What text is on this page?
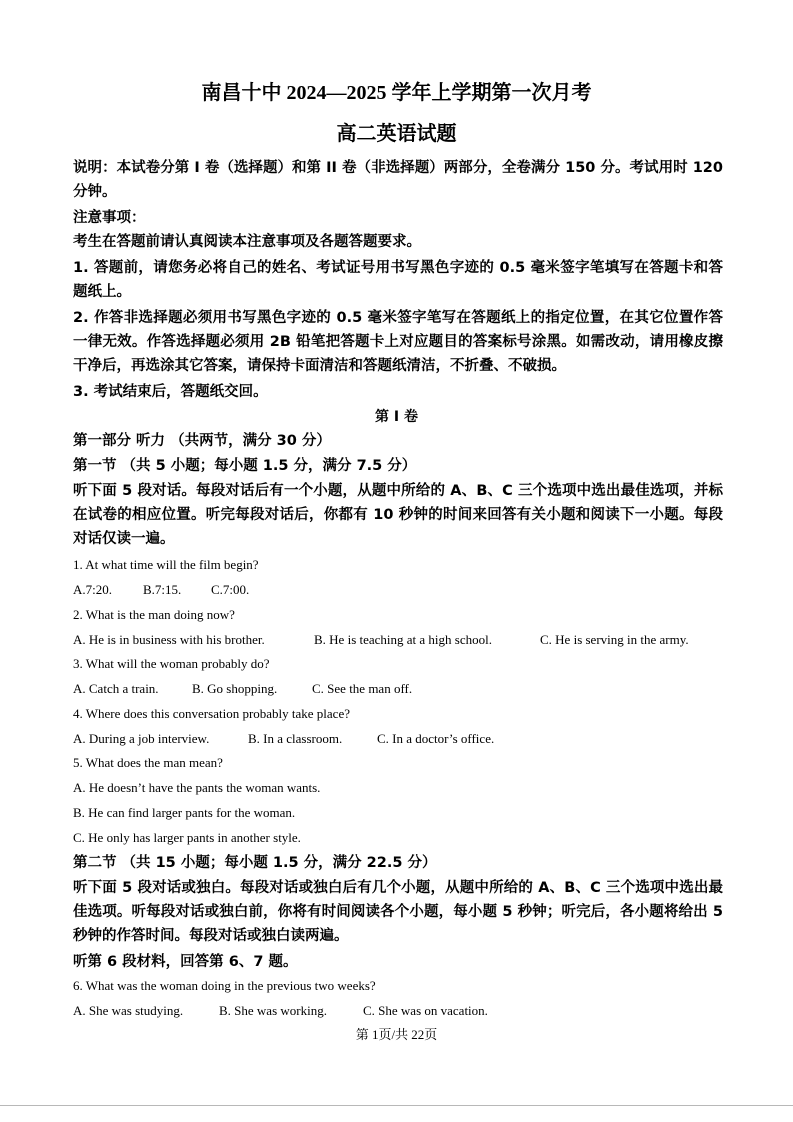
南昌十中 2024—2025 学年上学期第一次月考
高二英语试题
说明：本试卷分第 I 卷（选择题）和第 II 卷（非选择题）两部分，全卷满分 150 分。考试用时 120 分钟。
注意事项：
考生在答题前请认真阅读本注意事项及各题答题要求。
1. 答题前，请您务必将自己的姓名、考试证号用书写黑色字迹的 0.5 毫米签字笔填写在答题卡和答题纸上。
2. 作答非选择题必须用书写黑色字迹的 0.5 毫米签字笔写在答题纸上的指定位置，在其它位置作答一律无效。作答选择题必须用 2B 铅笔把答题卡上对应题目的答案标号涂黑。如需改动，请用橡皮擦干净后，再选涂其它答案，请保持卡面清洁和答题纸清洁，不折叠、不破损。
3. 考试结束后，答题纸交回。
第 I 卷
第一部分 听力 （共两节，满分 30 分）
第一节 （共 5 小题；每小题 1.5 分，满分 7.5 分）
听下面 5 段对话。每段对话后有一个小题，从题中所给的 A、B、C 三个选项中选出最佳选项，并标在试卷的相应位置。听完每段对话后，你都有 10 秒钟的时间来回答有关小题和阅读下一小题。每段对话仅读一遍。
1. At what time will the film begin?
A.7:20. B.7:15. C.7:00.
2. What is the man doing now?
A. He is in business with his brother.	B. He is teaching at a high school.	C. He is serving in the army.
3. What will the woman probably do?
A. Catch a train.	B. Go shopping.	C. See the man off.
4. Where does this conversation probably take place?
A. During a job interview.	B. In a classroom.	C. In a doctor’s office.
5. What does the man mean?
A. He doesn’t have the pants the woman wants.
B. He can find larger pants for the woman.
C. He only has larger pants in another style.
第二节 （共 15 小题；每小题 1.5 分，满分 22.5 分）
听下面 5 段对话或独白。每段对话或独白后有几个小题，从题中所给的 A、B、C 三个选项中选出最佳选项。听每段对话或独白前，你将有时间阅读各个小题，每小题 5 秒钟；听完后，各小题将给出 5 秒钟的作答时间。每段对话或独白读两遍。
听第 6 段材料，回答第 6、7 题。
6. What was the woman doing in the previous two weeks?
A. She was studying.	B. She was working.	C. She was on vacation.
第 1页/共 22页
